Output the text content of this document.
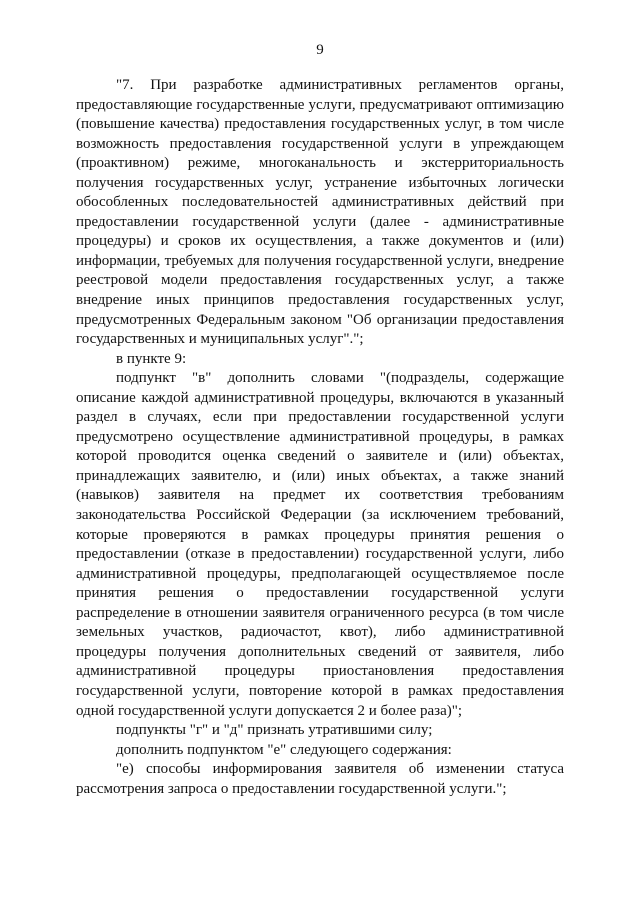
9

"7. При разработке административных регламентов органы, предоставляющие государственные услуги, предусматривают оптимизацию (повышение качества) предоставления государственных услуг, в том числе возможность предоставления государственной услуги в упреждающем (проактивном) режиме, многоканальность и экстерриториальность получения государственных услуг, устранение избыточных логически обособленных последовательностей административных действий при предоставлении государственной услуги (далее - административные процедуры) и сроков их осуществления, а также документов и (или) информации, требуемых для получения государственной услуги, внедрение реестровой модели предоставления государственных услуг, а также внедрение иных принципов предоставления государственных услуг, предусмотренных Федеральным законом "Об организации предоставления государственных и муниципальных услуг".";

в пункте 9:

подпункт "в" дополнить словами "(подразделы, содержащие описание каждой административной процедуры, включаются в указанный раздел в случаях, если при предоставлении государственной услуги предусмотрено осуществление административной процедуры, в рамках которой проводится оценка сведений о заявителе и (или) объектах, принадлежащих заявителю, и (или) иных объектах, а также знаний (навыков) заявителя на предмет их соответствия требованиям законодательства Российской Федерации (за исключением требований, которые проверяются в рамках процедуры принятия решения о предоставлении (отказе в предоставлении) государственной услуги, либо административной процедуры, предполагающей осуществляемое после принятия решения о предоставлении государственной услуги распределение в отношении заявителя ограниченного ресурса (в том числе земельных участков, радиочастот, квот), либо административной процедуры получения дополнительных сведений от заявителя, либо административной процедуры приостановления предоставления государственной услуги, повторение которой в рамках предоставления одной государственной услуги допускается 2 и более раза)";

подпункты "г" и "д" признать утратившими силу;

дополнить подпунктом "е" следующего содержания:

"е) способы информирования заявителя об изменении статуса рассмотрения запроса о предоставлении государственной услуги.";
